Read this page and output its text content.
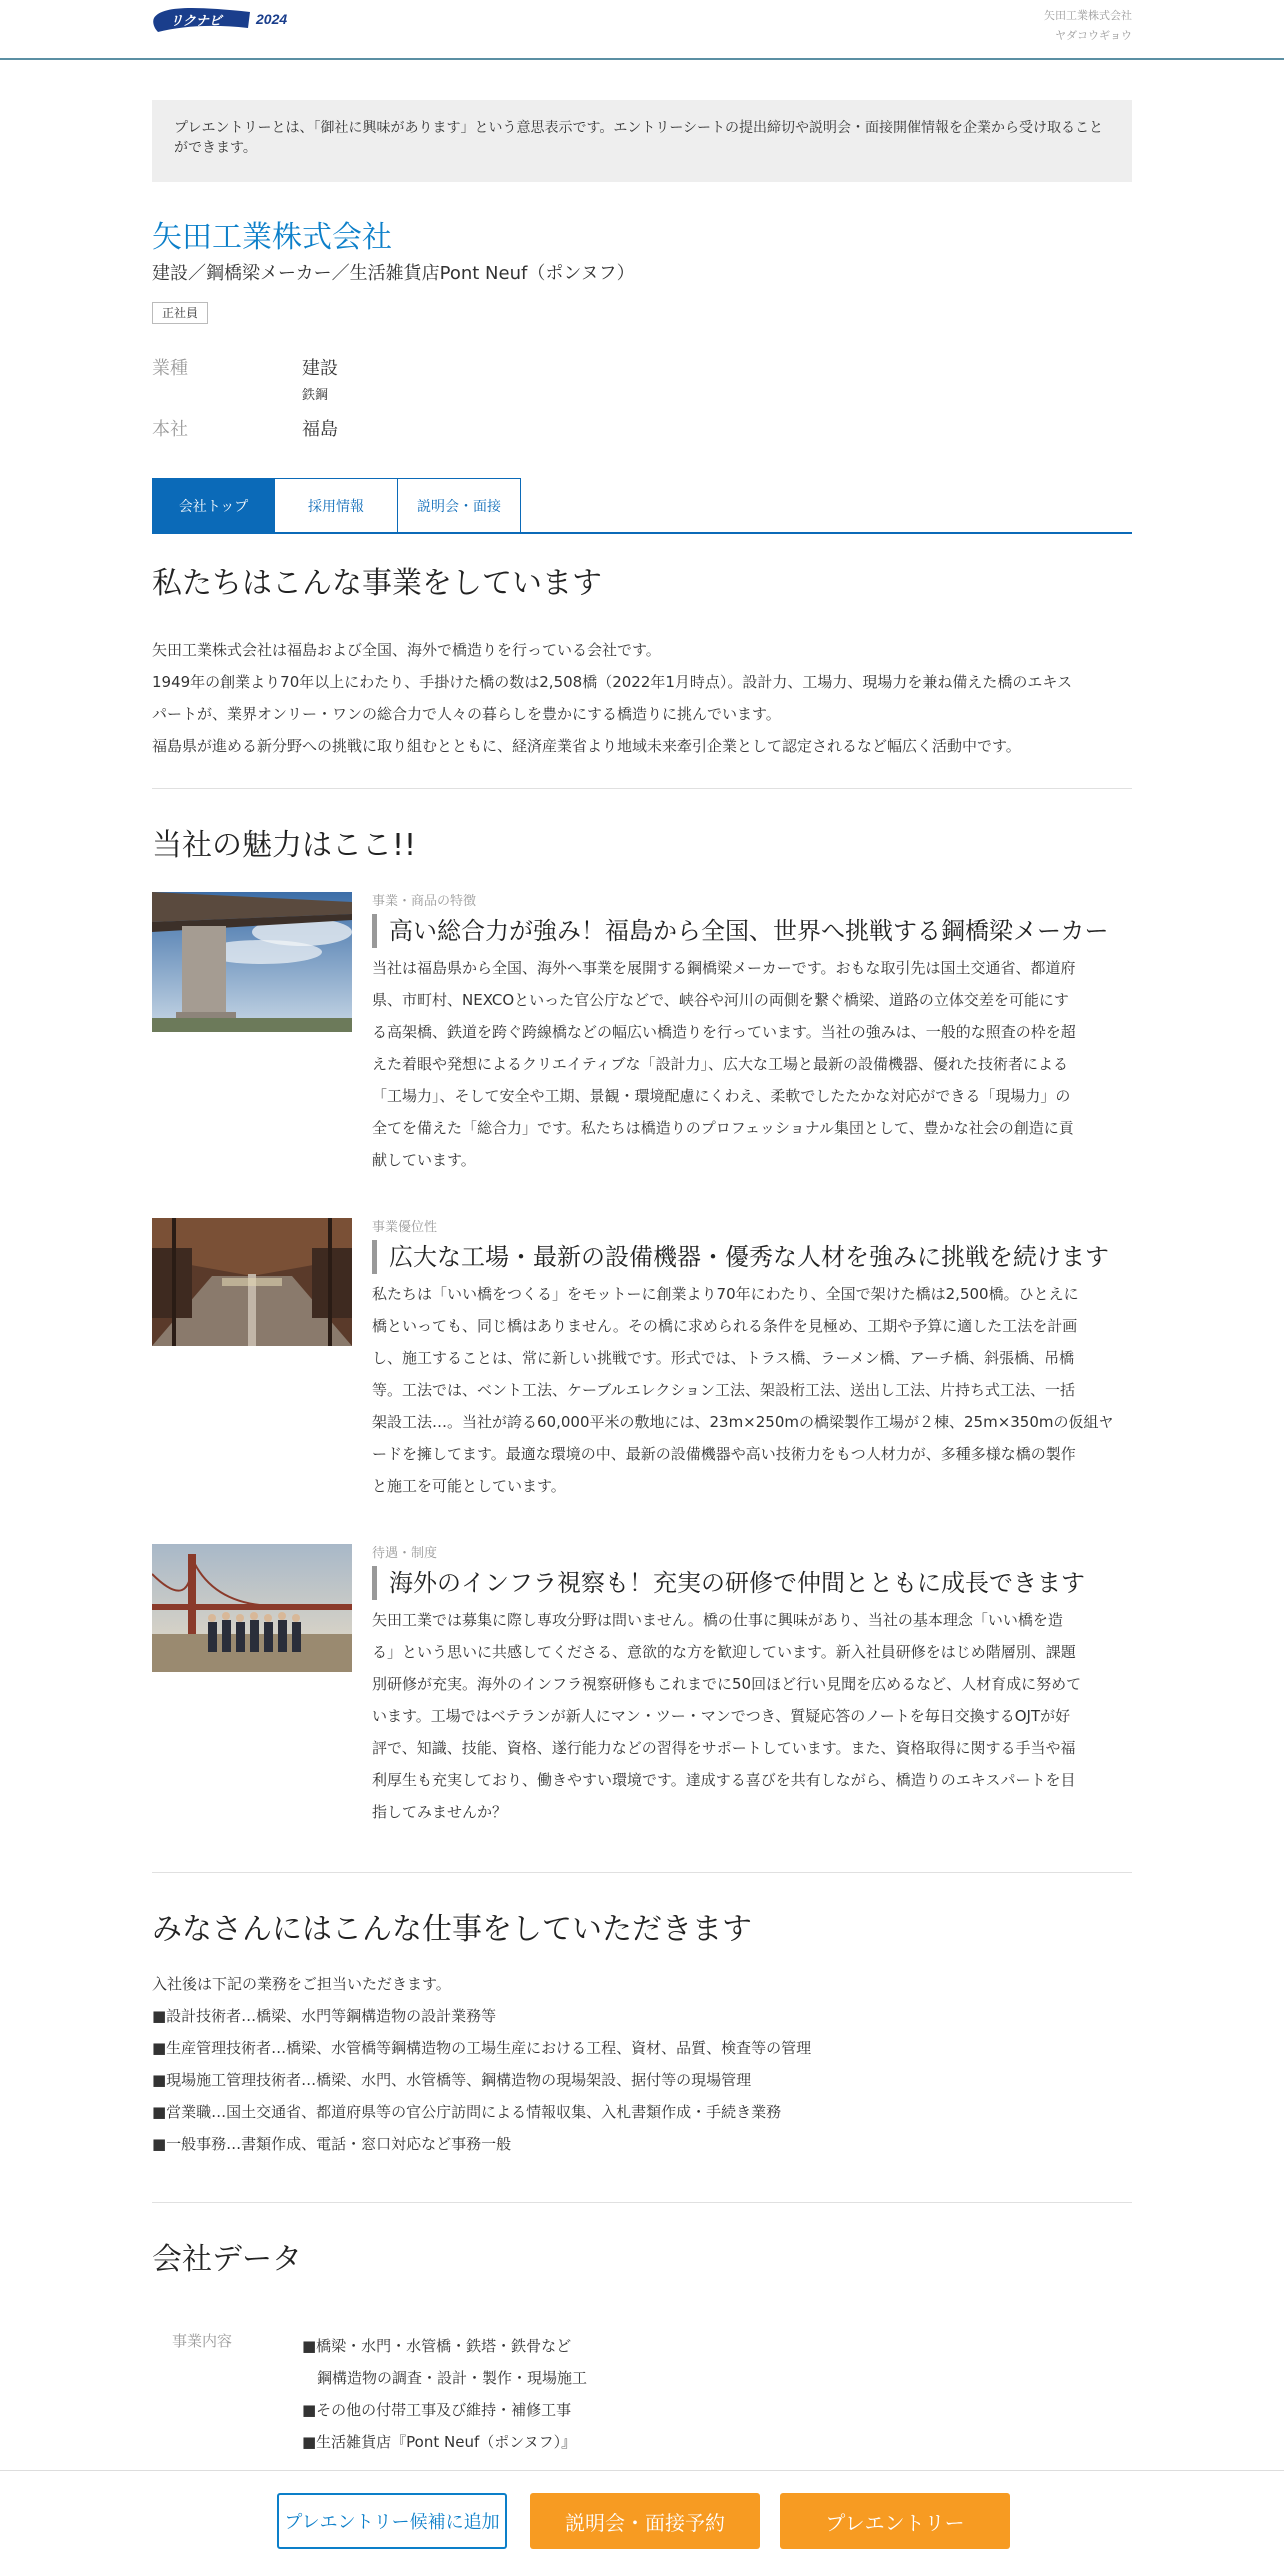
リクナビ 2024	矢田工業株式会社
ヤダコウギョウ
プレエントリーとは、「御社に興味があります」という意思表示です。エントリーシートの提出締切や説明会・面接開催情報を企業から受け取ることができます。
矢田工業株式会社
建設／鋼橋梁メーカー／生活雑貨店Pont Neuf（ポンヌフ）
正社員
業種	建設
鉄鋼
本社	福島
会社トップ	採用情報	説明会・面接
私たちはこんな事業をしています
矢田工業株式会社は福島および全国、海外で橋造りを行っている会社です。
1949年の創業より70年以上にわたり、手掛けた橋の数は2,508橋（2022年1月時点）。設計力、工場力、現場力を兼ね備えた橋のエキス
パートが、業界オンリー・ワンの総合力で人々の暮らしを豊かにする橋造りに挑んでいます。
福島県が進める新分野への挑戦に取り組むとともに、経済産業省より地域未来牽引企業として認定されるなど幅広く活動中です。
当社の魅力はここ!!
事業・商品の特徴
高い総合力が強み！福島から全国、世界へ挑戦する鋼橋梁メーカー
当社は福島県から全国、海外へ事業を展開する鋼橋梁メーカーです。おもな取引先は国土交通省、都道府
県、市町村、NEXCOといった官公庁などで、峡谷や河川の両側を繋ぐ橋梁、道路の立体交差を可能にす
る高架橋、鉄道を跨ぐ跨線橋などの幅広い橋造りを行っています。当社の強みは、一般的な照査の枠を超
えた着眼や発想によるクリエイティブな「設計力」、広大な工場と最新の設備機器、優れた技術者による
「工場力」、そして安全や工期、景観・環境配慮にくわえ、柔軟でしたたかな対応ができる「現場力」の
全てを備えた「総合力」です。私たちは橋造りのプロフェッショナル集団として、豊かな社会の創造に貢
献しています。
事業優位性
広大な工場・最新の設備機器・優秀な人材を強みに挑戦を続けます
私たちは「いい橋をつくる」をモットーに創業より70年にわたり、全国で架けた橋は2,500橋。ひとえに
橋といっても、同じ橋はありません。その橋に求められる条件を見極め、工期や予算に適した工法を計画
し、施工することは、常に新しい挑戦です。形式では、トラス橋、ラーメン橋、アーチ橋、斜張橋、吊橋
等。工法では、ベント工法、ケーブルエレクション工法、架設桁工法、送出し工法、片持ち式工法、一括
架設工法…。当社が誇る60,000平米の敷地には、23m×250mの橋梁製作工場が２棟、25m×350mの仮組ヤ
ードを擁してます。最適な環境の中、最新の設備機器や高い技術力をもつ人材力が、多種多様な橋の製作
と施工を可能としています。
待遇・制度
海外のインフラ視察も！充実の研修で仲間とともに成長できます
矢田工業では募集に際し専攻分野は問いません。橋の仕事に興味があり、当社の基本理念「いい橋を造
る」という思いに共感してくださる、意欲的な方を歓迎しています。新入社員研修をはじめ階層別、課題
別研修が充実。海外のインフラ視察研修もこれまでに50回ほど行い見聞を広めるなど、人材育成に努めて
います。工場ではベテランが新人にマン・ツー・マンでつき、質疑応答のノートを毎日交換するOJTが好
評で、知識、技能、資格、遂行能力などの習得をサポートしています。また、資格取得に関する手当や福
利厚生も充実しており、働きやすい環境です。達成する喜びを共有しながら、橋造りのエキスパートを目
指してみませんか？
みなさんにはこんな仕事をしていただきます
入社後は下記の業務をご担当いただきます。
■設計技術者…橋梁、水門等鋼構造物の設計業務等
■生産管理技術者…橋梁、水管橋等鋼構造物の工場生産における工程、資材、品質、検査等の管理
■現場施工管理技術者…橋梁、水門、水管橋等、鋼構造物の現場架設、据付等の現場管理
■営業職…国土交通省、都道府県等の官公庁訪問による情報収集、入札書類作成・手続き業務
■一般事務…書類作成、電話・窓口対応など事務一般
会社データ
事業内容	■橋梁・水門・水管橋・鉄塔・鉄骨など
　鋼構造物の調査・設計・製作・現場施工
■その他の付帯工事及び維持・補修工事
■生活雑貨店『Pont Neuf（ポンヌフ）』
プレエントリー候補に追加	説明会・面接予約	プレエントリー
